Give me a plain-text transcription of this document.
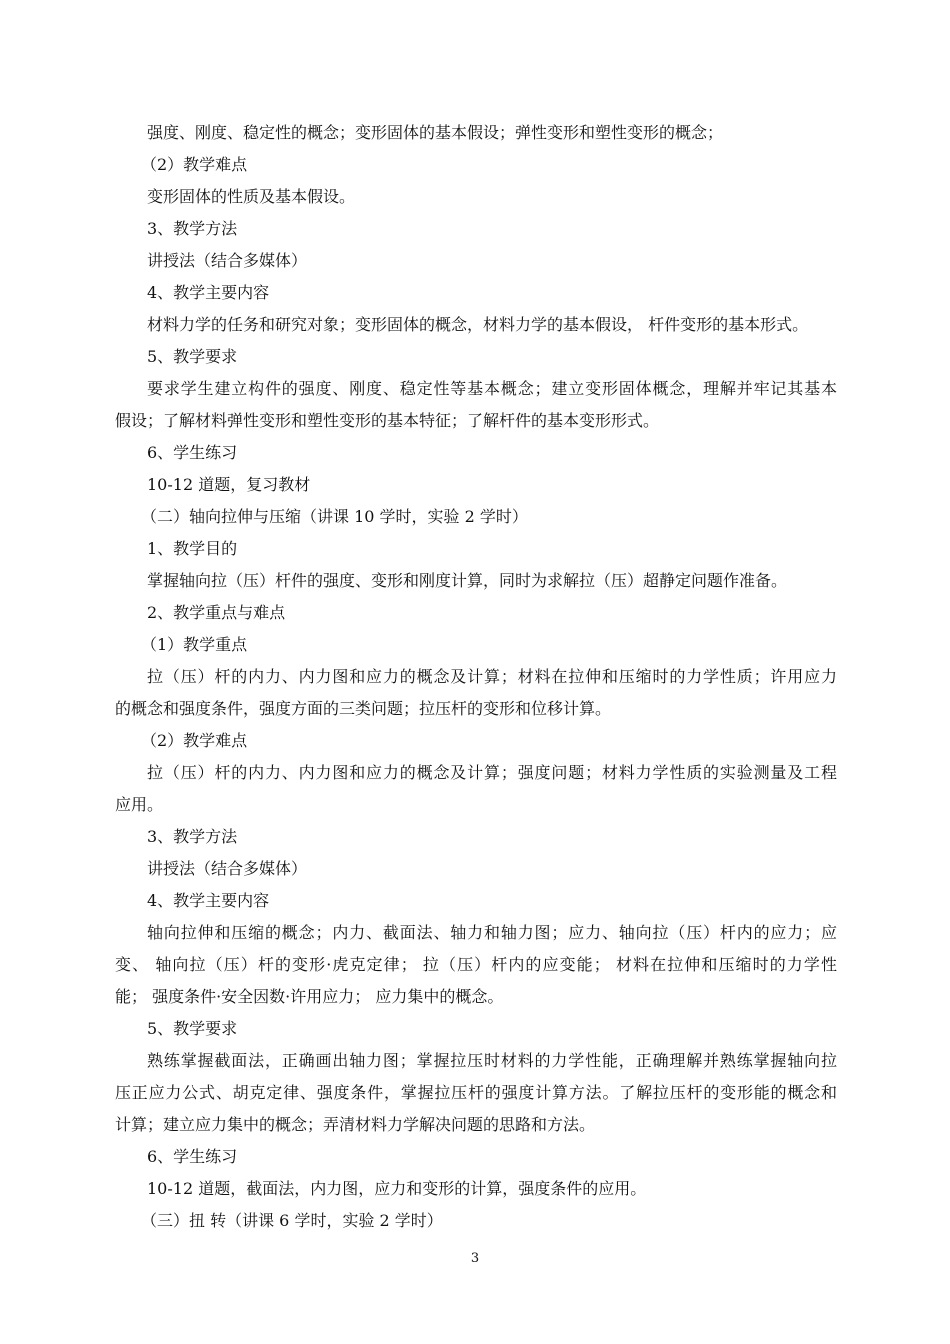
强度、刚度、稳定性的概念；变形固体的基本假设；弹性变形和塑性变形的概念；
（2）教学难点
变形固体的性质及基本假设。
3、教学方法
讲授法（结合多媒体）
4、教学主要内容
材料力学的任务和研究对象；变形固体的概念，材料力学的基本假设， 杆件变形的基本形式。
5、教学要求
要求学生建立构件的强度、刚度、稳定性等基本概念；建立变形固体概念，理解并牢记其基本
假设；了解材料弹性变形和塑性变形的基本特征；了解杆件的基本变形形式。
6、学生练习
10-12 道题，复习教材
（二）轴向拉伸与压缩（讲课 10 学时，实验 2 学时）
1、教学目的
掌握轴向拉（压）杆件的强度、变形和刚度计算，同时为求解拉（压）超静定问题作准备。
2、教学重点与难点
（1）教学重点
拉（压）杆的内力、内力图和应力的概念及计算；材料在拉伸和压缩时的力学性质；许用应力
的概念和强度条件，强度方面的三类问题；拉压杆的变形和位移计算。
（2）教学难点
拉（压）杆的内力、内力图和应力的概念及计算；强度问题；材料力学性质的实验测量及工程
应用。
3、教学方法
讲授法（结合多媒体）
4、教学主要内容
轴向拉伸和压缩的概念；内力、截面法、轴力和轴力图；应力、轴向拉（压）杆内的应力；应
变、 轴向拉（压）杆的变形·虎克定律； 拉（压）杆内的应变能； 材料在拉伸和压缩时的力学性
能； 强度条件·安全因数·许用应力； 应力集中的概念。
5、教学要求
熟练掌握截面法，正确画出轴力图；掌握拉压时材料的力学性能，正确理解并熟练掌握轴向拉
压正应力公式、胡克定律、强度条件，掌握拉压杆的强度计算方法。了解拉压杆的变形能的概念和
计算；建立应力集中的概念；弄清材料力学解决问题的思路和方法。
6、学生练习
10-12 道题，截面法，内力图，应力和变形的计算，强度条件的应用。
（三）扭 转（讲课 6 学时，实验 2 学时）
3
